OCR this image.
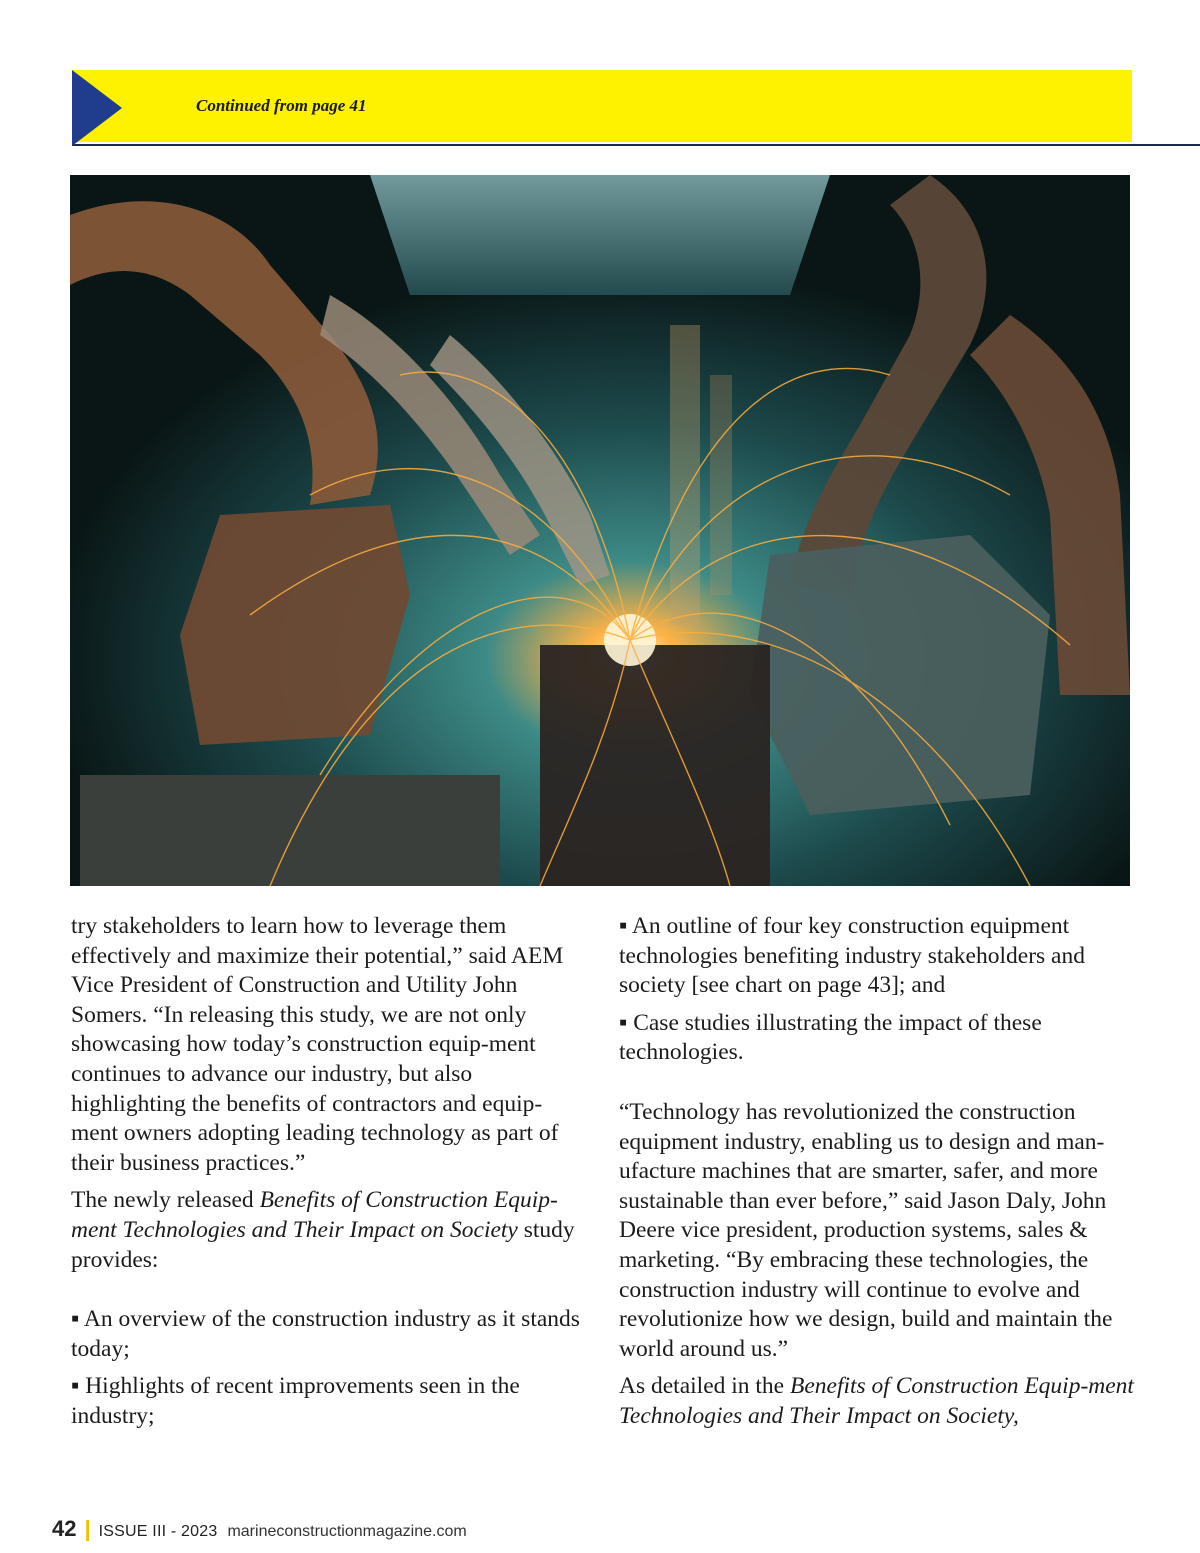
Continued from page 41

try stakeholders to learn how to leverage them effectively and maximize their potential,” said AEM Vice President of Construction and Utility John Somers. “In releasing this study, we are not only showcasing how today’s construction equip-ment continues to advance our industry, but also highlighting the benefits of contractors and equip-ment owners adopting leading technology as part of their business practices.”

The newly released Benefits of Construction Equip-ment Technologies and Their Impact on Society study provides:

▪ An overview of the construction industry as it stands today;

▪ Highlights of recent improvements seen in the industry;

▪ An outline of four key construction equipment technologies benefiting industry stakeholders and society [see chart on page 43]; and

▪ Case studies illustrating the impact of these technologies.

“Technology has revolutionized the construction equipment industry, enabling us to design and man-ufacture machines that are smarter, safer, and more sustainable than ever before,” said Jason Daly, John Deere vice president, production systems, sales & marketing. “By embracing these technologies, the construction industry will continue to evolve and revolutionize how we design, build and maintain the world around us.”

As detailed in the Benefits of Construction Equip-ment Technologies and Their Impact on Society,

42 | ISSUE III - 2023 marineconstructionmagazine.com
